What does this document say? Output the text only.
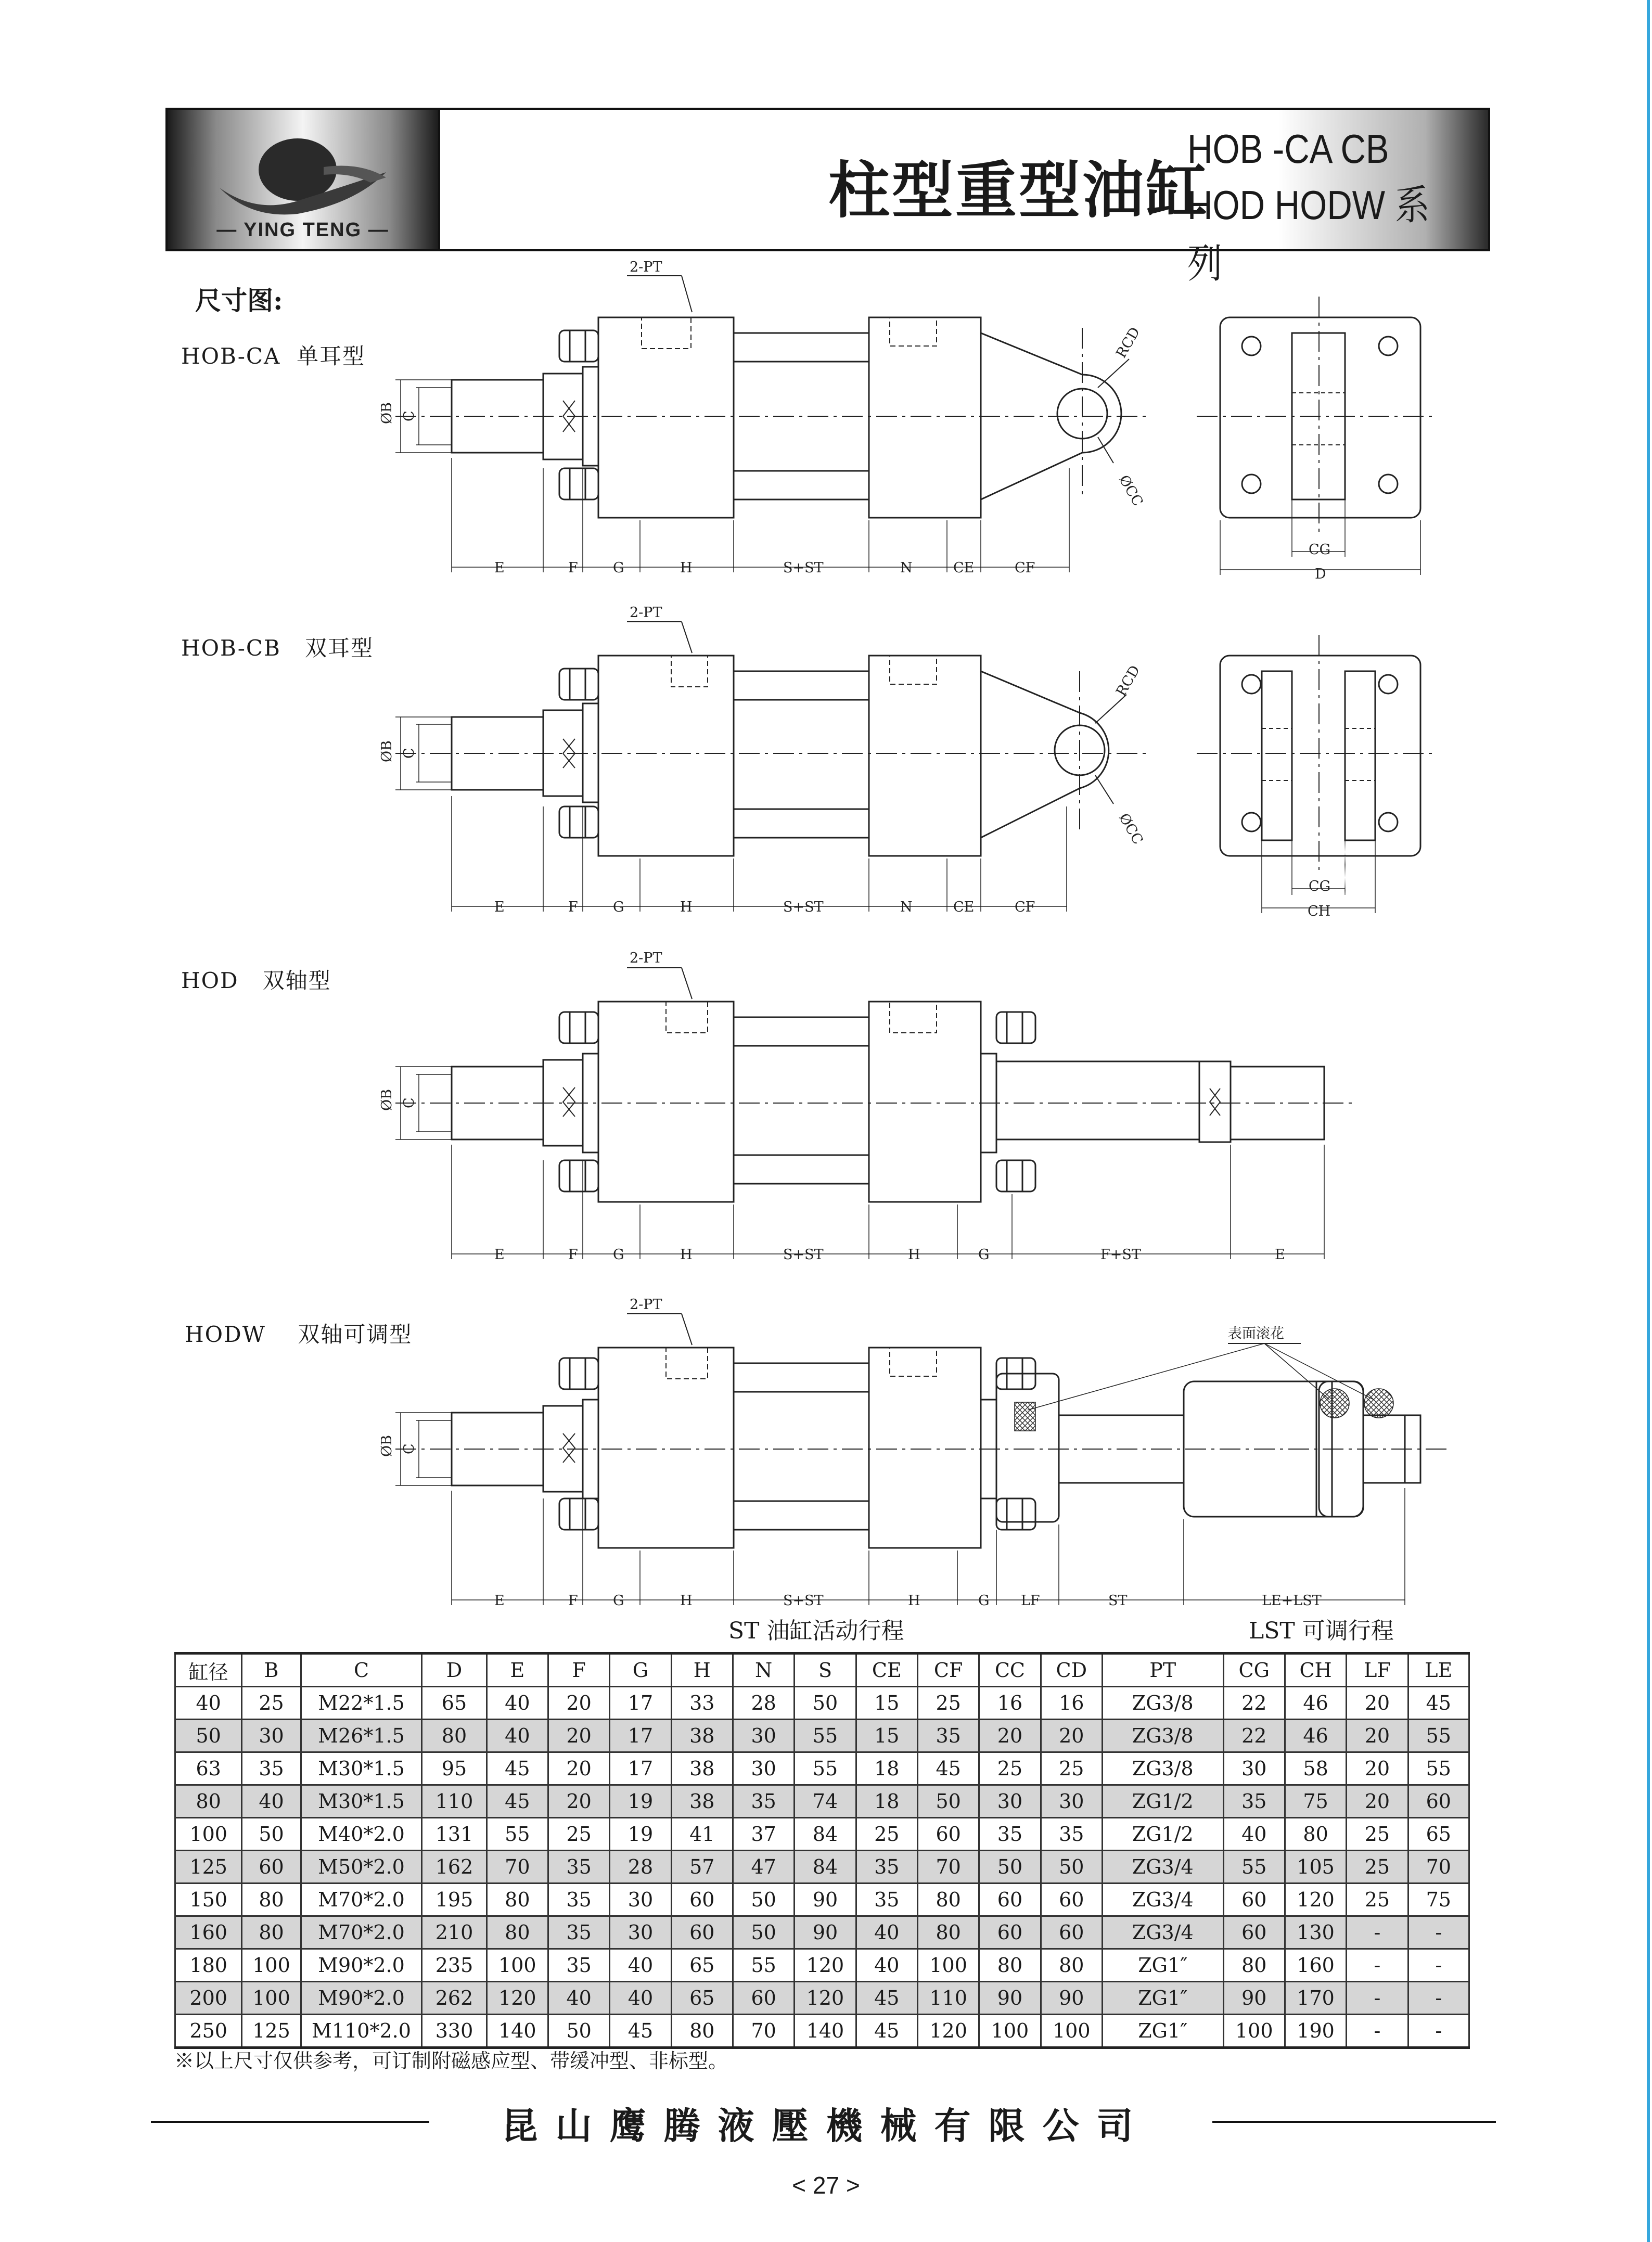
— YING TENG —
柱型重型油缸
HOB -CA CB HOD HODW 系列
尺寸图:
HOB-CA 单耳型
HOB-CB 双耳型
HOD 双轴型
HODW 双轴可调型
2-PT
RCD
ØCC
ØB C
E	F G	H	S+ST	N	CE	CF
CG
D
2-PT
RCD
ØCC
ØB C
E	F G	H	S+ST	N	CE	CF
CG
CH
2-PT
ØB C
E	F G	H	S+ST	H	G	F+ST	E
2-PT
表面滚花
ØB C
E	F G	H	S+ST	H	G LF	ST	LE+LST
ST 油缸活动行程	LST 可调行程
缸径	B	C	D	E	F	G	H	N	S	CE	CF	CC	CD	PT	CG	CH	LF	LE
40	25	M22*1.5	65	40	20	17	33	28	50	15	25	16	16	ZG3/8	22	46	20	45
50	30	M26*1.5	80	40	20	17	38	30	55	15	35	20	20	ZG3/8	22	46	20	55
63	35	M30*1.5	95	45	20	17	38	30	55	18	45	25	25	ZG3/8	30	58	20	55
80	40	M30*1.5	110	45	20	19	38	35	74	18	50	30	30	ZG1/2	35	75	20	60
100	50	M40*2.0	131	55	25	19	41	37	84	25	60	35	35	ZG1/2	40	80	25	65
125	60	M50*2.0	162	70	35	28	57	47	84	35	70	50	50	ZG3/4	55	105	25	70
150	80	M70*2.0	195	80	35	30	60	50	90	35	80	60	60	ZG3/4	60	120	25	75
160	80	M70*2.0	210	80	35	30	60	50	90	40	80	60	60	ZG3/4	60	130	-	-
180	100	M90*2.0	235	100	35	40	65	55	120	40	100	80	80	ZG1″	80	160	-	-
200	100	M90*2.0	262	120	40	40	65	60	120	45	110	90	90	ZG1″	90	170	-	-
250	125	M110*2.0	330	140	50	45	80	70	140	45	120	100	100	ZG1″	100	190	-	-
※以上尺寸仅供参考，可订制附磁感应型、带缓冲型、非标型。
昆山鹰腾液壓機械有限公司
< 27 >
